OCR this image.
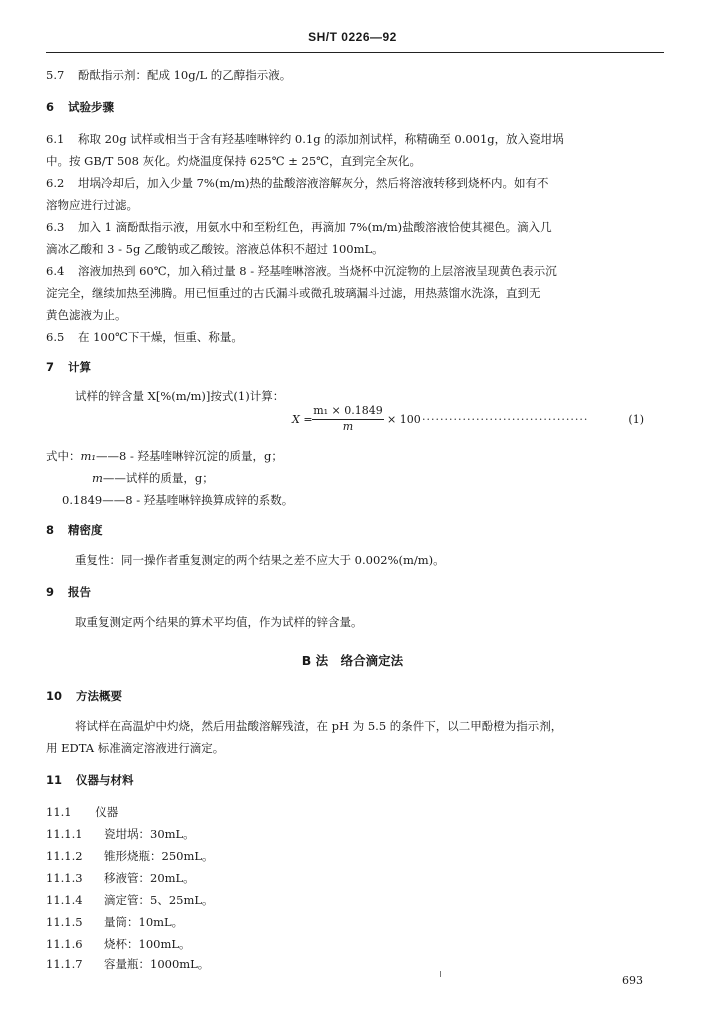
SH/T 0226—92
5.7 酚酞指示剂：配成 10g/L 的乙醇指示液。
6 试验步骤
6.1 称取 20g 试样或相当于含有羟基喹啉锌约 0.1g 的添加剂试样，称精确至 0.001g，放入瓷坩埚
中。按 GB/T 508 灰化。灼烧温度保持 625℃ ± 25℃，直到完全灰化。
6.2 坩埚冷却后，加入少量 7%(m/m)热的盐酸溶液溶解灰分，然后将溶液转移到烧杯内。如有不
溶物应进行过滤。
6.3 加入 1 滴酚酞指示液，用氨水中和至粉红色，再滴加 7%(m/m)盐酸溶液恰使其褪色。滴入几
滴冰乙酸和 3 - 5g 乙酸钠或乙酸铵。溶液总体积不超过 100mL。
6.4 溶液加热到 60℃，加入稍过量 8 - 羟基喹啉溶液。当烧杯中沉淀物的上层溶液呈现黄色表示沉
淀完全，继续加热至沸腾。用已恒重过的古氏漏斗或微孔玻璃漏斗过滤，用热蒸馏水洗涤，直到无
黄色滤液为止。
6.5 在 100℃下干燥，恒重、称量。
7 计算
试样的锌含量 X[%(m/m)]按式(1)计算：
$X = \frac{\text{m₁ × 0.1849}}{m} \times 100$ ·····································	(1)
式中：m₁——8 - 羟基喹啉锌沉淀的质量，g；
m——试样的质量，g；
0.1849——8 - 羟基喹啉锌换算成锌的系数。
8 精密度
重复性：同一操作者重复测定的两个结果之差不应大于 0.002%(m/m)。
9 报告
取重复测定两个结果的算术平均值，作为试样的锌含量。
B 法　络合滴定法
10 方法概要
将试样在高温炉中灼烧，然后用盐酸溶解残渣，在 pH 为 5.5 的条件下，以二甲酚橙为指示剂，
用 EDTA 标准滴定溶液进行滴定。
11 仪器与材料
11.1 仪器
11.1.1 瓷坩埚：30mL。
11.1.2 锥形烧瓶：250mL。
11.1.3 移液管：20mL。
11.1.4 滴定管：5、25mL。
11.1.5 量筒：10mL。
11.1.6 烧杯：100mL。
11.1.7 容量瓶：1000mL。
693
